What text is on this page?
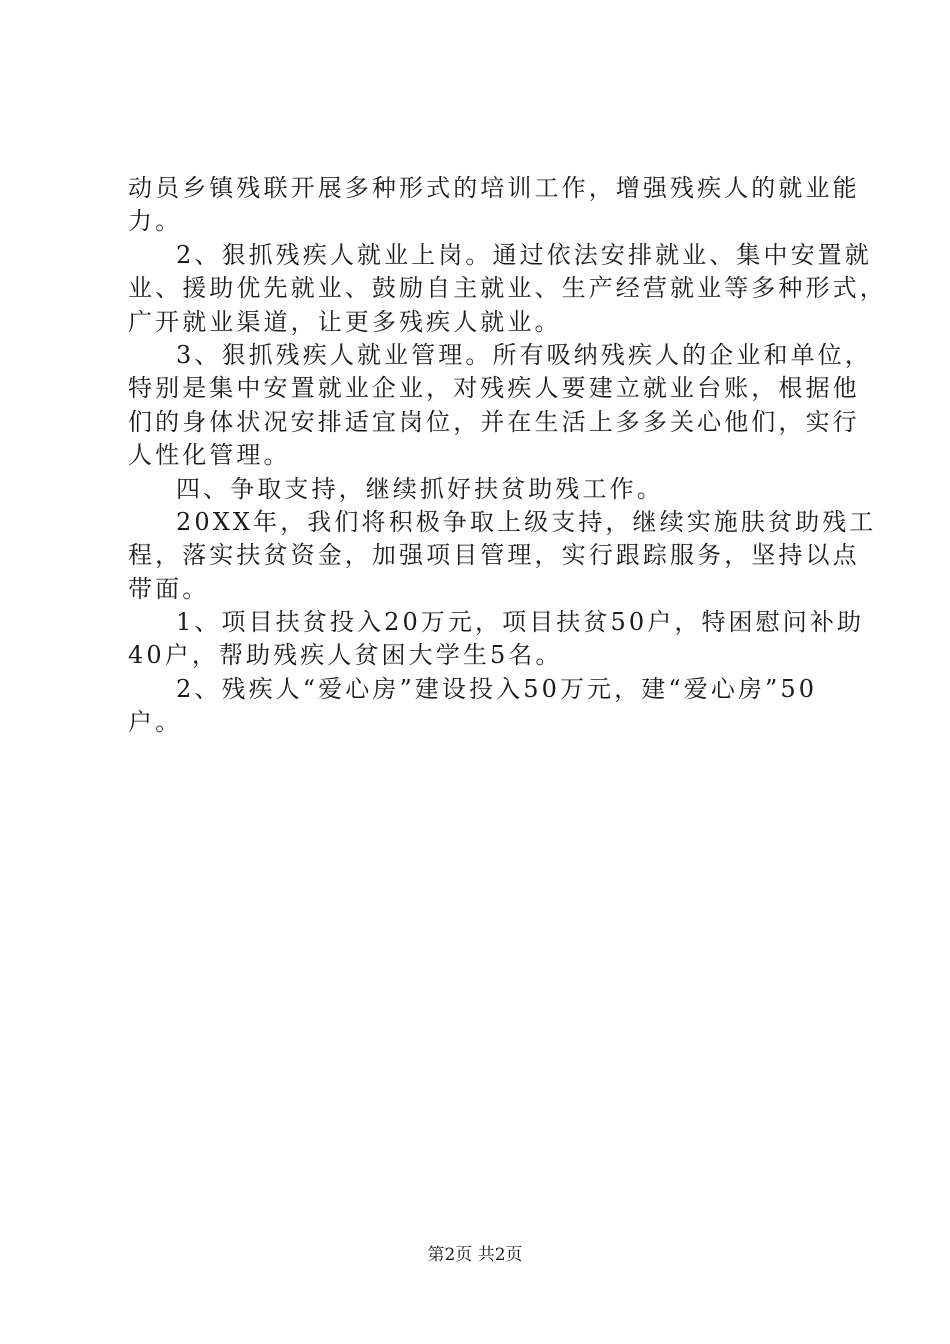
动员乡镇残联开展多种形式的培训工作，增强残疾人的就业能
力。
2、狠抓残疾人就业上岗。通过依法安排就业、集中安置就
业、援助优先就业、鼓励自主就业、生产经营就业等多种形式，
广开就业渠道，让更多残疾人就业。
3、狠抓残疾人就业管理。所有吸纳残疾人的企业和单位，
特别是集中安置就业企业，对残疾人要建立就业台账，根据他
们的身体状况安排适宜岗位，并在生活上多多关心他们，实行
人性化管理。
四、争取支持，继续抓好扶贫助残工作。
20XX年，我们将积极争取上级支持，继续实施肤贫助残工
程，落实扶贫资金，加强项目管理，实行跟踪服务，坚持以点
带面。
1、项目扶贫投入20万元，项目扶贫50户，特困慰问补助
40户，帮助残疾人贫困大学生5名。
2、残疾人“爱心房”建设投入50万元，建“爱心房”50
户。
第2页 共2页
